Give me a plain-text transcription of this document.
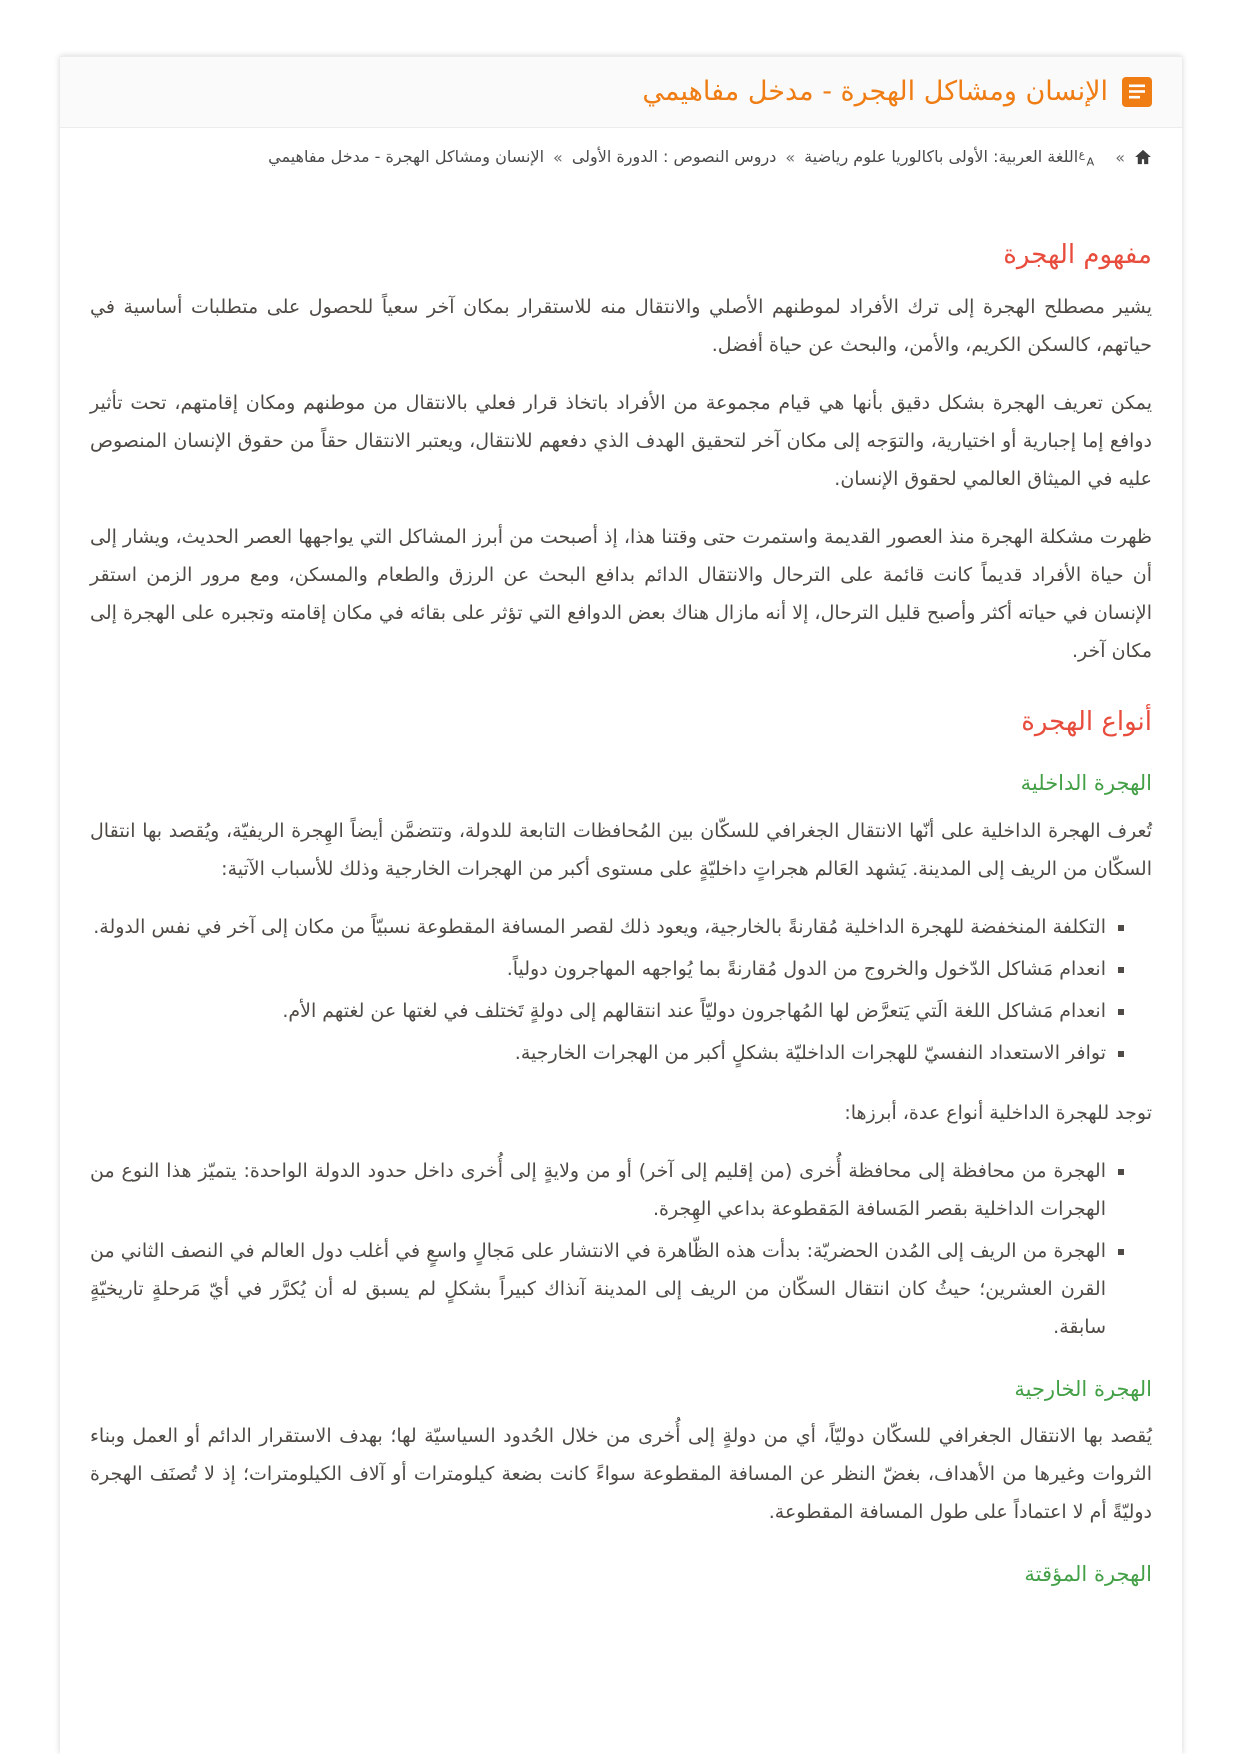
الإنسان ومشاكل الهجرة - مدخل مفاهيمي
»
ع
A
اللغة العربية: الأولى باكالوريا علوم رياضية
»
دروس النصوص : الدورة الأولى
»
الإنسان ومشاكل الهجرة - مدخل مفاهيمي
مفهوم الهجرة

يشير مصطلح الهجرة إلى ترك الأفراد لموطنهم الأصلي والانتقال منه للاستقرار بمكان آخر سعياً للحصول على متطلبات أساسية في حياتهم، كالسكن الكريم، والأمن، والبحث عن حياة أفضل.

يمكن تعريف الهجرة بشكل دقيق بأنها هي قيام مجموعة من الأفراد باتخاذ قرار فعلي بالانتقال من موطنهم ومكان إقامتهم، تحت تأثير دوافع إما إجبارية أو اختيارية، والتوَجه إلى مكان آخر لتحقيق الهدف الذي دفعهم للانتقال، ويعتبر الانتقال حقاً من حقوق الإنسان المنصوص عليه في الميثاق العالمي لحقوق الإنسان.

ظهرت مشكلة الهجرة منذ العصور القديمة واستمرت حتى وقتنا هذا، إذ أصبحت من أبرز المشاكل التي يواجهها العصر الحديث، ويشار إلى أن حياة الأفراد قديماً كانت قائمة على الترحال والانتقال الدائم بدافع البحث عن الرزق والطعام والمسكن، ومع مرور الزمن استقر الإنسان في حياته أكثر وأصبح قليل الترحال، إلا أنه مازال هناك بعض الدوافع التي تؤثر على بقائه في مكان إقامته وتجبره على الهجرة إلى مكان آخر.

أنواع الهجرة
الهجرة الداخلية

تُعرف الهجرة الداخلية على أنّها الانتقال الجغرافي للسكّان بين المُحافظات التابعة للدولة، وتتضمَّن أيضاً الهِجرة الريفيّة، ويُقصد بها انتقال السكّان من الريف إلى المدينة. يَشهد العَالم هجراتٍ داخليّةٍ على مستوى أكبر من الهجرات الخارجية وذلك للأسباب الآتية:

▪ التكلفة المنخفضة للهجرة الداخلية مُقارنةً بالخارجية، ويعود ذلك لقصر المسافة المقطوعة نسبيّاً من مكان إلى آخر في نفس الدولة.
▪ انعدام مَشاكل الدّخول والخروج من الدول مُقارنةً بما يُواجهه المهاجرون دولياً.
▪ انعدام مَشاكل اللغة الَتي يَتعرَّض لها المُهاجرون دوليّاً عند انتقالهم إلى دولةٍ تَختلف في لغتها عن لغتهم الأم.
▪ توافر الاستعداد النفسيّ للهجرات الداخليّة بشكلٍ أكبر من الهجرات الخارجية.

توجد للهجرة الداخلية أنواع عدة، أبرزها:

▪ الهجرة من محافظة إلى محافظة أُخرى (من إقليم إلى آخر) أو من ولايةٍ إلى أُخرى داخل حدود الدولة الواحدة: يتميّز هذا النوع من الهجرات الداخلية بقصر المَسافة المَقطوعة بداعي الهِجرة.
▪ الهجرة من الريف إلى المُدن الحضريّة: بدأت هذه الظّاهرة في الانتشار على مَجالٍ واسعٍ في أغلب دول العالم في النصف الثاني من القرن العشرين؛ حيثُ كان انتقال السكّان من الريف إلى المدينة آنذاك كبيراً بشكلٍ لم يسبق له أن يُكرَّر في أيّ مَرحلةٍ تاريخيّةٍ سابقة.
الهجرة الخارجية

يُقصد بها الانتقال الجغرافي للسكّان دوليّاً، أي من دولةٍ إلى أُخرى من خلال الحُدود السياسيّة لها؛ بهدف الاستقرار الدائم أو العمل وبناء الثروات وغيرها من الأهداف، بغضّ النظر عن المسافة المقطوعة سواءً كانت بضعة كيلومترات أو آلاف الكيلومترات؛ إذ لا تُصنَف الهجرة دوليّةً أم لا اعتماداً على طول المسافة المقطوعة.

الهجرة المؤقتة
